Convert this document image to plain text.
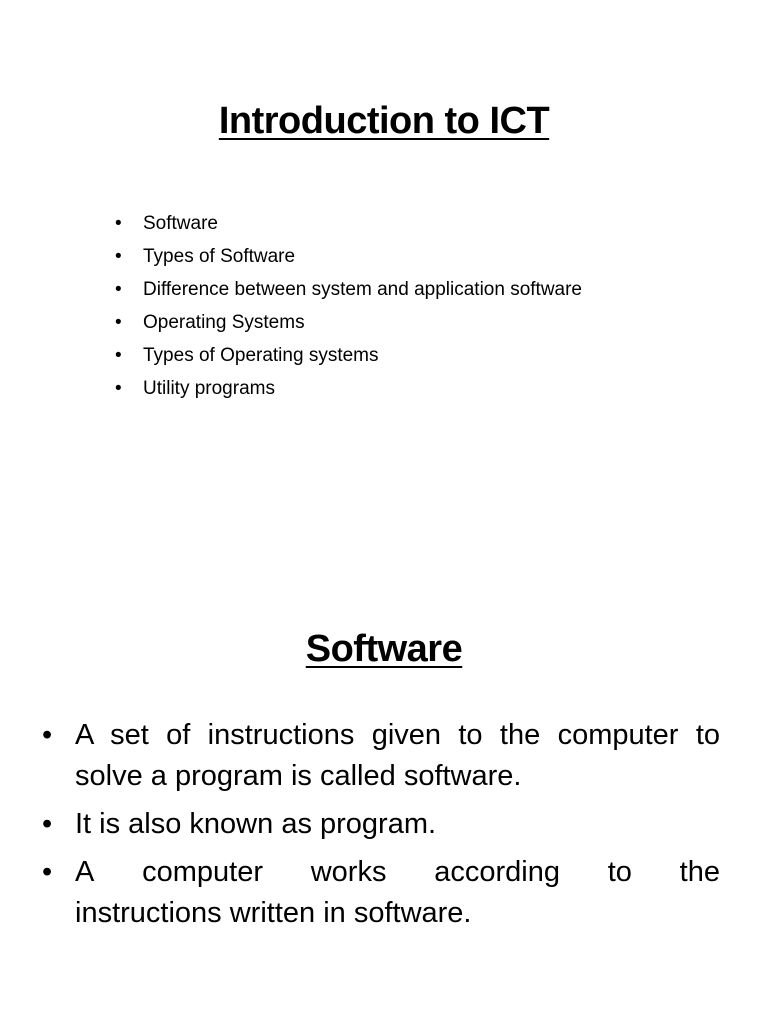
Introduction to ICT
• Software
• Types of Software
• Difference between system and application software
• Operating Systems
• Types of Operating systems
• Utility programs
Software
• A set of instructions given to the computer to solve a program is called software.
• It is also known as program.
• A computer works according to the
instructions written in software.
